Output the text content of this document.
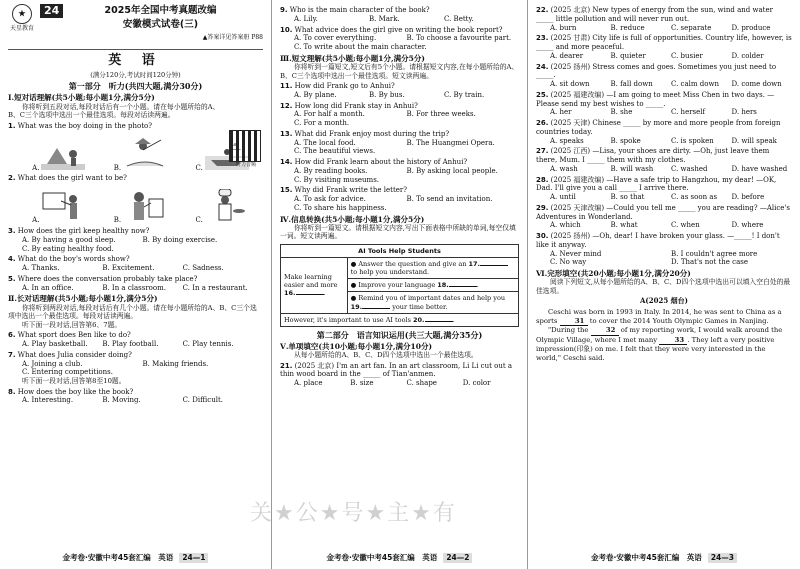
★
天星教育
24	2025年全国中考真题改编
安徽模式试卷(三)
▲答案详见答案册 P88
英 语
(满分120分,考试时间120分钟)
第一部分　听力(共四大题,满分30分)
Ⅰ.短对话理解(共5小题;每小题1分,满分5分)
你将听到五段对话,每段对话后有一个小题。请在每小题所给的A、B、C三个选项中选出一个最佳选项。每段对话读两遍。
听力音频
1. What was the boy doing in the photo?
A.	B.	C.
2. What does the girl want to be?
A.	B.	C.
3. How does the girl keep healthy now?
A. By having a good sleep.	B. By doing exercise.
C. By eating healthy food.
4. What do the boy's words show?
A. Thanks.	B. Excitement.	C. Sadness.
5. Where does the conversation probably take place?
A. In an office.	B. In a classroom.	C. In a restaurant.
Ⅱ.长对话理解(共5小题;每小题1分,满分5分)
你将听到两段对话,每段对话后有几个小题。请在每小题所给的A、B、C三个选项中选出一个最佳选项。每段对话读两遍。
听下面一段对话,回答第6、7题。
6. What sport does Ben like to do?
A. Play basketball.	B. Play football.	C. Play tennis.
7. What does Julia consider doing?
A. Joining a club.	B. Making friends.
C. Entering competitions.
听下面一段对话,回答第8至10题。
8. How does the boy like the book?
A. Interesting.	B. Moving.	C. Difficult.
金考卷·安徽中考45套汇编　英语	24—1
9. Who is the main character of the book?
A. Lily.	B. Mark.	C. Betty.
10. What advice does the girl give on writing the book report?
A. To cover everything.	B. To choose a favourite part.
C. To write about the main character.
Ⅲ.短文理解(共5小题;每小题1分,满分5分)
你将听到一篇短文,短文后有5个小题。请根据短文内容,在每小题所给的A、B、C三个选项中选出一个最佳选项。短文读两遍。
11. How did Frank go to Anhui?
A. By plane.	B. By bus.	C. By train.
12. How long did Frank stay in Anhui?
A. For half a month.	B. For three weeks.
C. For a month.
13. What did Frank enjoy most during the trip?
A. The local food.	B. The Huangmei Opera.
C. The beautiful views.
14. How did Frank learn about the history of Anhui?
A. By reading books.	B. By asking local people.
C. By visiting museums.
15. Why did Frank write the letter?
A. To ask for advice.	B. To send an invitation.
C. To share his happiness.
Ⅳ.信息转换(共5小题;每小题1分,满分5分)
你将听到一篇短文。请根据短文内容,写出下面表格中所缺的单词,每空仅填一词。短文读两遍。
AI Tools Help Students
Make learning easier and more
16.	.	● Answer the question and give an 17. to help you understand.
● Improve your language 18.	.
● Remind you of important dates and help you 19.	your time better.
However, it's important to use AI tools 20.	.
第二部分　语言知识运用(共三大题,满分35分)
Ⅴ.单项填空(共10小题;每小题1分,满分10分)
从每小题所给的A、B、C、D四个选项中选出一个最佳选项。
21. (2025 北京) I'm an art fan. In an art classroom, Li Li cut out a thin wood board in the _____ of Tian'anmen.
A. place	B. size	C. shape	D. color
金考卷·安徽中考45套汇编　英语	24—2
22. (2025 北京) New types of energy from the sun, wind and water _____ little pollution and will never run out.
A. burn	B. reduce	C. separate	D. produce
23. (2025 甘肃) City life is full of opportunities. Country life, however, is _____ and more peaceful.
A. dearer	B. quieter	C. busier	D. colder
24. (2025 扬州) Stress comes and goes. Sometimes you just need to _____.
A. sit down	B. fall down	C. calm down	D. come down
25. (2025 福建改编) —I am going to meet Miss Chen in two days. —Please send my best wishes to _____.
A. her	B. she	C. herself	D. hers
26. (2025 天津) Chinese _____ by more and more people from foreign countries today.
A. speaks	B. spoke	C. is spoken	D. will speak
27. (2025 江西) —Lisa, your shoes are dirty. —Oh, just leave them there, Mum. I _____ them with my clothes.
A. wash	B. will wash	C. washed	D. have washed
28. (2025 福建改编) —Have a safe trip to Hangzhou, my dear! —OK, Dad. I'll give you a call _____ I arrive there.
A. until	B. so that	C. as soon as	D. before
29. (2025 天津改编) —Could you tell me _____ you are reading? —Alice's Adventures in Wonderland.
A. which	B. what	C. when	D. where
30. (2025 扬州) —Oh, dear! I have broken your glass. —_____! I don't like it anyway.
A. Never mind	B. I couldn't agree more
C. No way	D. That's not the case
Ⅵ.完形填空(共20小题;每小题1分,满分20分)
阅读下列短文,从每小题所给的A、B、C、D四个选项中选出可以填入空白处的最佳选项。
A(2025 烟台)
Ceschi was born in 1993 in Italy. In 2014, he was sent to China as a sports	31 to cover the 2014 Youth Olympic Games in Nanjing.
"During the	32 of my reporting work, I would walk around the Olympic Village, where I met many	33 . They left a very positive impression(印象) on me. I felt that they were very interested in the world," Ceschi said.
金考卷·安徽中考45套汇编　英语	24—3
关★公★号★主★有
